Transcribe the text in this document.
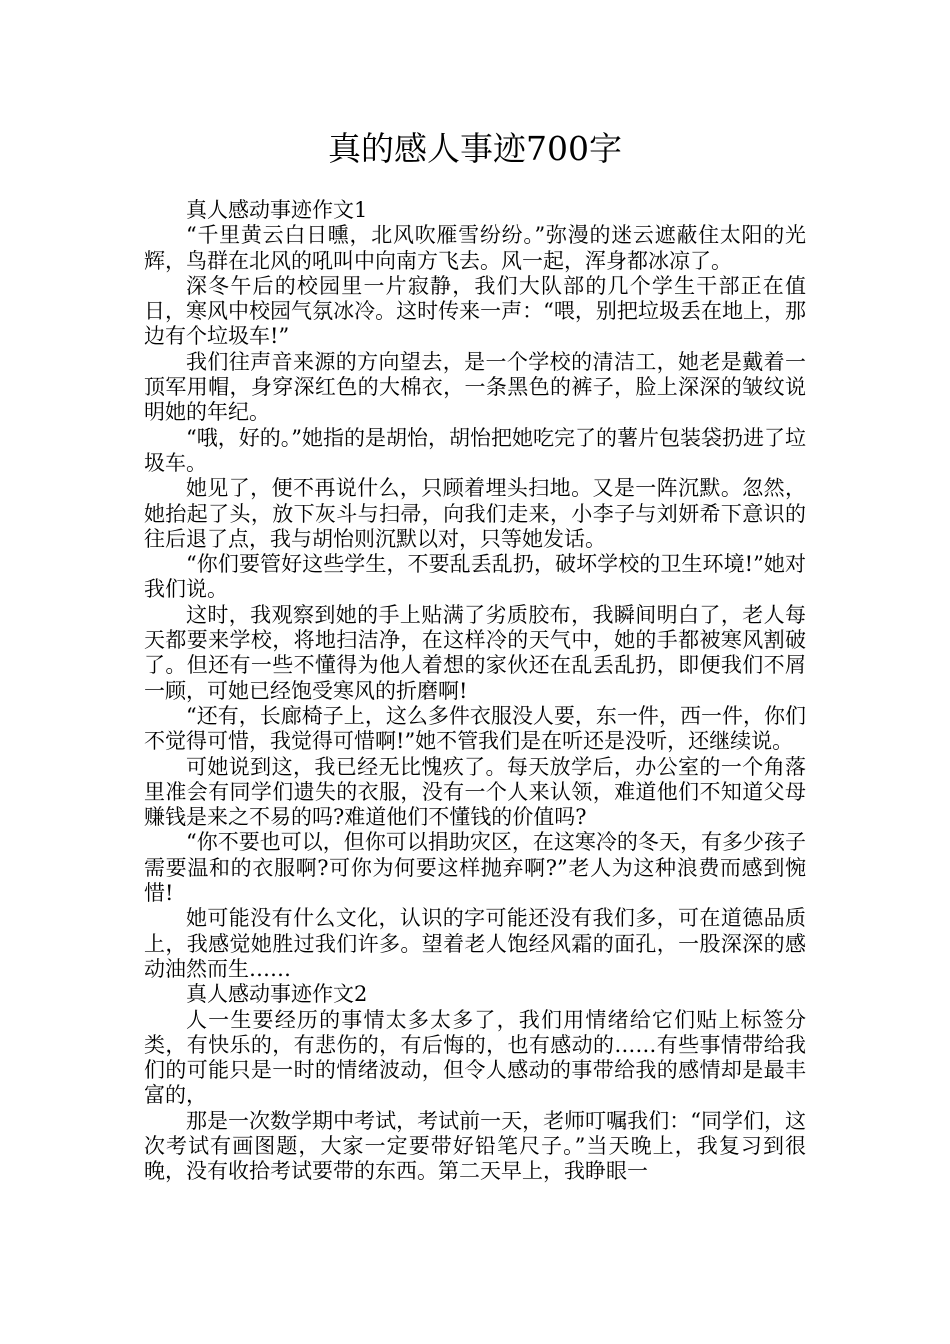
真的感人事迹700字

真人感动事迹作文1

“千里黄云白日曛，北风吹雁雪纷纷。”弥漫的迷云遮蔽住太阳的光辉，鸟群在北风的吼叫中向南方飞去。风一起，浑身都冰凉了。

深冬午后的校园里一片寂静，我们大队部的几个学生干部正在值日，寒风中校园气氛冰冷。这时传来一声：“喂，别把垃圾丢在地上，那边有个垃圾车!”

我们往声音来源的方向望去，是一个学校的清洁工，她老是戴着一顶军用帽，身穿深红色的大棉衣，一条黑色的裤子，脸上深深的皱纹说明她的年纪。

“哦，好的。”她指的是胡怡，胡怡把她吃完了的薯片包装袋扔进了垃圾车。

她见了，便不再说什么，只顾着埋头扫地。又是一阵沉默。忽然，她抬起了头，放下灰斗与扫帚，向我们走来，小李子与刘妍希下意识的往后退了点，我与胡怡则沉默以对，只等她发话。

“你们要管好这些学生，不要乱丢乱扔，破坏学校的卫生环境!”她对我们说。

这时，我观察到她的手上贴满了劣质胶布，我瞬间明白了，老人每天都要来学校，将地扫洁净，在这样冷的天气中，她的手都被寒风割破了。但还有一些不懂得为他人着想的家伙还在乱丢乱扔，即便我们不屑一顾，可她已经饱受寒风的折磨啊!

“还有，长廊椅子上，这么多件衣服没人要，东一件，西一件，你们不觉得可惜，我觉得可惜啊!”她不管我们是在听还是没听，还继续说。

可她说到这，我已经无比愧疚了。每天放学后，办公室的一个角落里准会有同学们遗失的衣服，没有一个人来认领，难道他们不知道父母赚钱是来之不易的吗?难道他们不懂钱的价值吗?

“你不要也可以，但你可以捐助灾区，在这寒冷的冬天，有多少孩子需要温和的衣服啊?可你为何要这样抛弃啊?”老人为这种浪费而感到惋惜!

她可能没有什么文化，认识的字可能还没有我们多，可在道德品质上，我感觉她胜过我们许多。望着老人饱经风霜的面孔，一股深深的感动油然而生……

真人感动事迹作文2

人一生要经历的事情太多太多了，我们用情绪给它们贴上标签分类，有快乐的，有悲伤的，有后悔的，也有感动的……有些事情带给我们的可能只是一时的情绪波动，但令人感动的事带给我的感情却是最丰富的，

那是一次数学期中考试，考试前一天，老师叮嘱我们：“同学们，这次考试有画图题，大家一定要带好铅笔尺子。”当天晚上，我复习到很晚，没有收拾考试要带的东西。第二天早上，我睁眼一
